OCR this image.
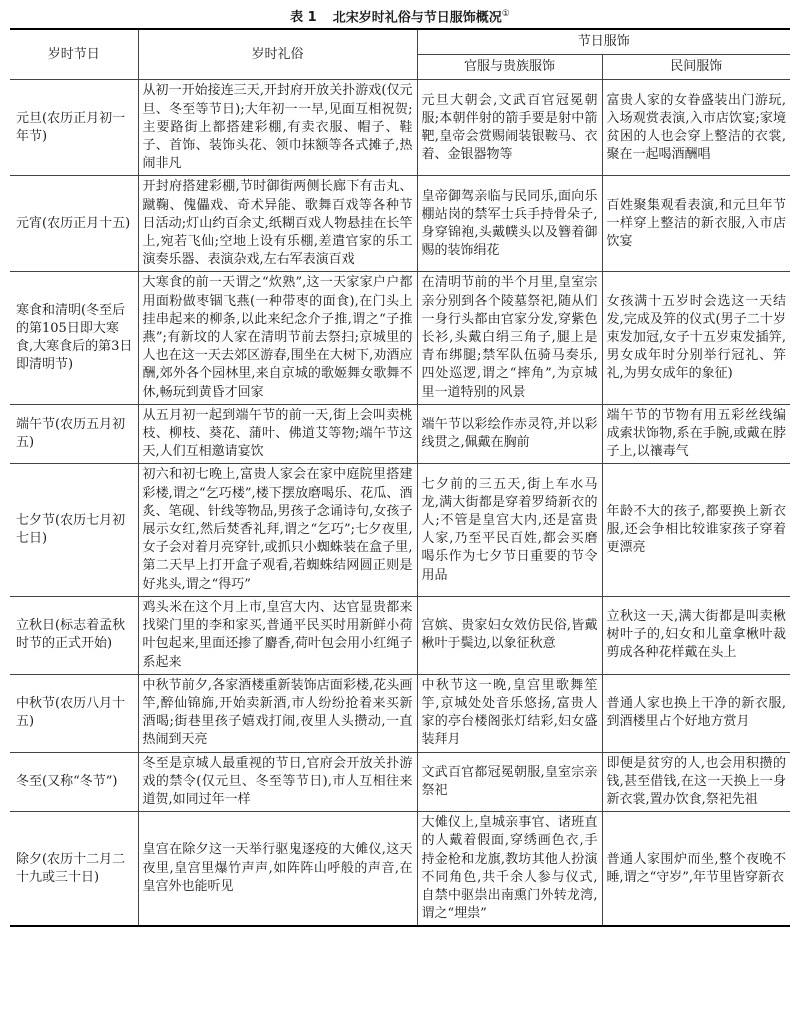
表 1 北宋岁时礼俗与节日服饰概况①
岁时节日	岁时礼俗	节日服饰	
		官服与贵族服饰	民间服饰
元旦(农历正月初一年节)	从初一开始接连三天,开封府开放关扑游戏(仅元旦、冬至等节日);大年初一一早,见面互相祝贺;主要路街上都搭建彩棚,有卖衣服、帽子、鞋子、首饰、装饰头花、领巾抹额等各式摊子,热闹非凡	元旦大朝会,文武百官冠冕朝服;本朝伴射的箭手要是射中箭靶,皇帝会赏赐闹装银鞍马、衣着、金银器物等	富贵人家的女眷盛装出门游玩,入场观赏表演,入市店饮宴;家境贫困的人也会穿上整洁的衣裳,聚在一起喝酒酬唱
元宵(农历正月十五)	开封府搭建彩棚,节时御街两侧长廊下有击丸、蹴鞠、傀儡戏、奇术异能、歌舞百戏等各种节日活动;灯山约百余丈,纸糊百戏人物悬挂在长竿上,宛若飞仙;空地上设有乐棚,差遣官家的乐工演奏乐器、表演杂戏,左右军表演百戏	皇帝御驾亲临与民同乐,面向乐棚站岗的禁军士兵手持骨朵子,身穿锦袍,头戴幞头以及簪着御赐的装饰绢花	百姓聚集观看表演,和元旦年节一样穿上整洁的新衣服,入市店饮宴
寒食和清明(冬至后的第105日即大寒食,大寒食后的第3日即清明节)	大寒食的前一天谓之“炊熟”,这一天家家户户都用面粉做枣锢飞燕(一种带枣的面食),在门头上挂串起来的柳条,以此来纪念介子推,谓之“子推燕”;有新坟的人家在清明节前去祭扫;京城里的人也在这一天去郊区游春,围坐在大树下,劝酒应酬,郊外各个园林里,来自京城的歌姬舞女歌舞不休,畅玩到黄昏才回家	在清明节前的半个月里,皇室宗亲分别到各个陵墓祭祀,随从们一身行头都由官家分发,穿紫色长衫,头戴白绢三角子,腿上是青布绑腿;禁军队伍骑马奏乐,四处巡逻,谓之“摔角”,为京城里一道特别的风景	女孩满十五岁时会选这一天结发,完成及笄的仪式(男子二十岁束发加冠,女子十五岁束发插笄,男女成年时分别举行冠礼、笄礼,为男女成年的象征)
端午节(农历五月初五)	从五月初一起到端午节的前一天,街上会叫卖桃枝、柳枝、葵花、蒲叶、佛道艾等物;端午节这天,人们互相邀请宴饮	端午节以彩绘作赤灵符,并以彩线贯之,佩戴在胸前	端午节的节物有用五彩丝线编成索状饰物,系在手腕,或戴在脖子上,以禳毒气
七夕节(农历七月初七日)	初六和初七晚上,富贵人家会在家中庭院里搭建彩楼,谓之“乞巧楼”,楼下摆放磨喝乐、花瓜、酒炙、笔砚、针线等物品,男孩子念诵诗句,女孩子展示女红,然后焚香礼拜,谓之“乞巧”;七夕夜里,女子会对着月亮穿针,或抓只小蜘蛛装在盒子里,第二天早上打开盒子观看,若蜘蛛结网圆正则是好兆头,谓之“得巧”	七夕前的三五天,街上车水马龙,满大街都是穿着罗绮新衣的人;不管是皇宫大内,还是富贵人家,乃至平民百姓,都会买磨喝乐作为七夕节日重要的节令用品	年龄不大的孩子,都要换上新衣服,还会争相比较谁家孩子穿着更漂亮
立秋日(标志着孟秋时节的正式开始)	鸡头米在这个月上市,皇宫大内、达官显贵都来找梁门里的李和家买,普通平民买时用新鲜小荷叶包起来,里面还掺了麝香,荷叶包会用小红绳子系起来	宫嫔、贵家妇女效仿民俗,皆戴楸叶于鬓边,以象征秋意	立秋这一天,满大街都是叫卖楸树叶子的,妇女和儿童拿楸叶裁剪成各种花样戴在头上
中秋节(农历八月十五)	中秋节前夕,各家酒楼重新装饰店面彩楼,花头画竿,醉仙锦旆,开始卖新酒,市人纷纷抢着来买新酒喝;街巷里孩子嬉戏打闹,夜里人头攒动,一直热闹到天亮	中秋节这一晚,皇宫里歌舞笙竽,京城处处音乐悠扬,富贵人家的亭台楼阁张灯结彩,妇女盛装拜月	普通人家也换上干净的新衣服,到酒楼里占个好地方赏月
冬至(又称“冬节”)	冬至是京城人最重视的节日,官府会开放关扑游戏的禁令(仅元旦、冬至等节日),市人互相往来道贺,如同过年一样	文武百官都冠冕朝服,皇室宗亲祭祀	即便是贫穷的人,也会用积攒的钱,甚至借钱,在这一天换上一身新衣裳,置办饮食,祭祀先祖
除夕(农历十二月二十九或三十日)	皇宫在除夕这一天举行驱鬼逐疫的大傩仪,这天夜里,皇宫里爆竹声声,如阵阵山呼般的声音,在皇宫外也能听见	大傩仪上,皇城亲事官、诸班直的人戴着假面,穿绣画色衣,手持金枪和龙旗,教坊其他人扮演不同角色,共千余人参与仪式,自禁中驱祟出南熏门外转龙湾,谓之“埋祟”	普通人家围炉而坐,整个夜晚不睡,谓之“守岁”,年节里皆穿新衣
